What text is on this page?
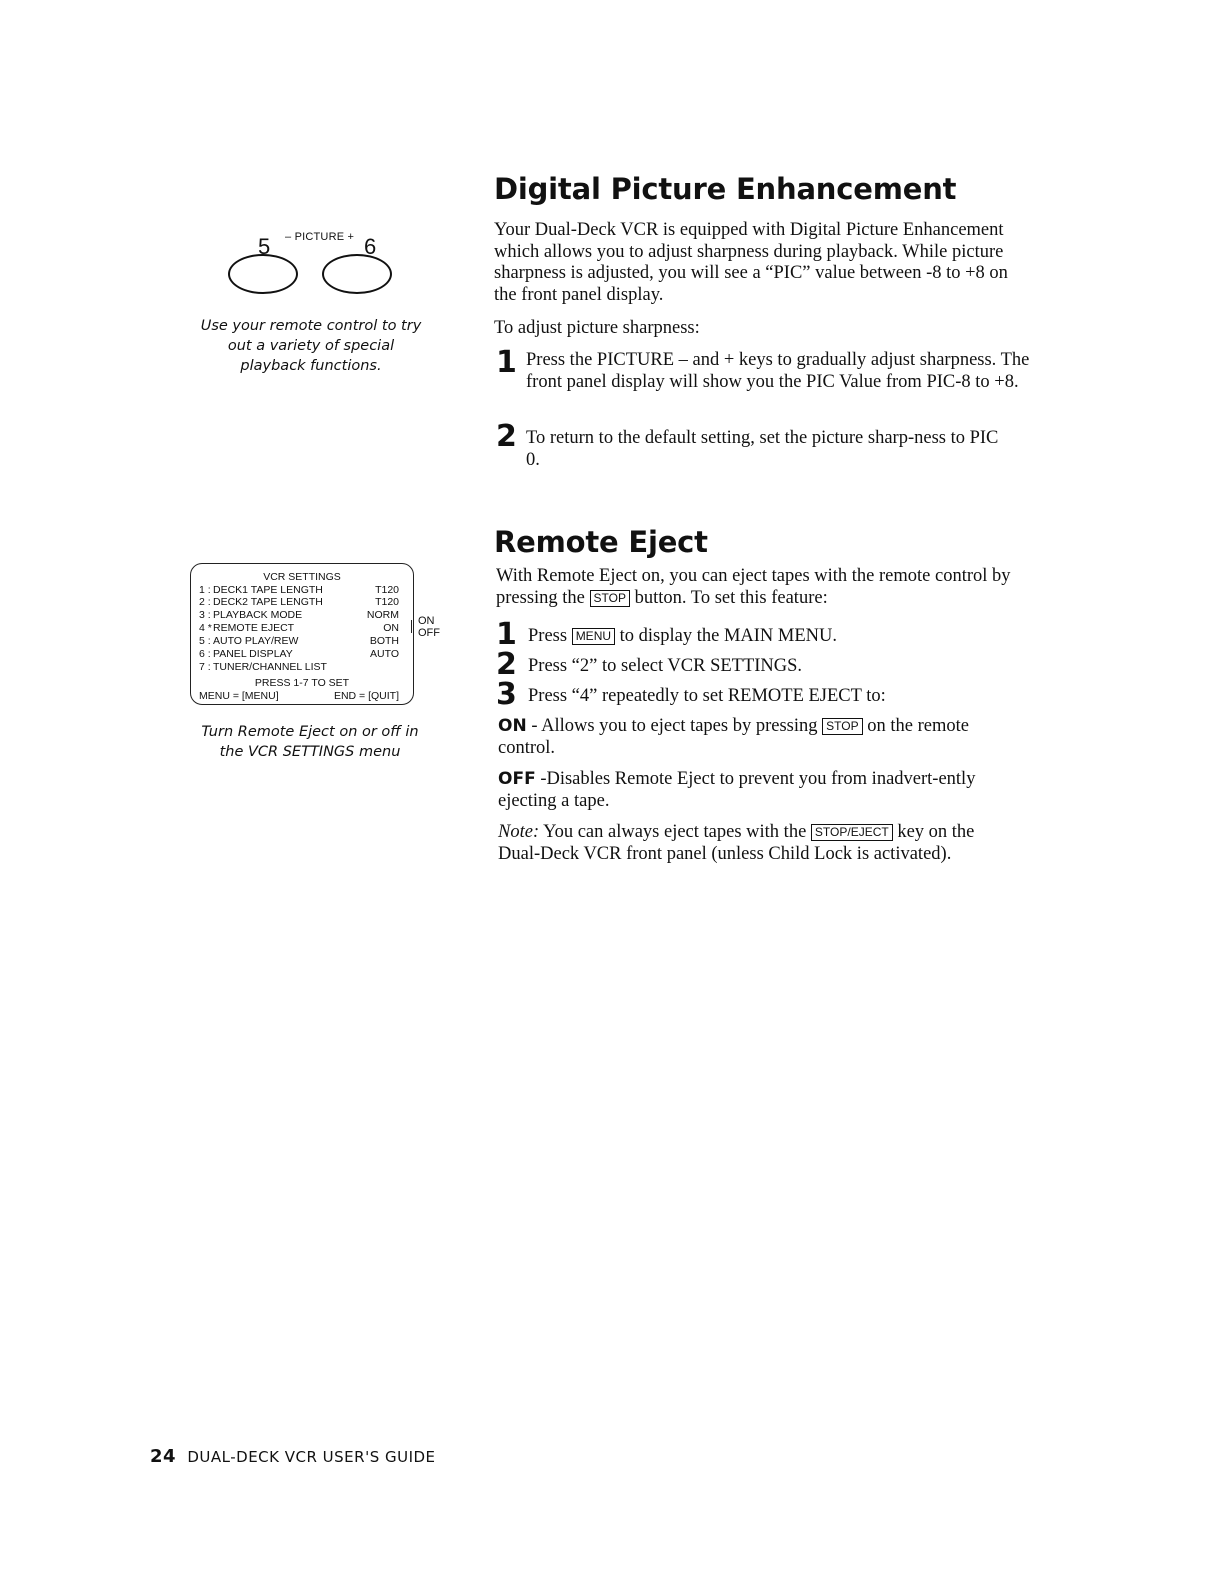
5 – PICTURE + 6
Use your remote control to try
out a variety of special
playback functions.
VCR SETTINGS
1 : DECK1 TAPE LENGTH	T120
2 : DECK2 TAPE LENGTH	T120
3 : PLAYBACK MODE	NORM
4 *REMOTE EJECT	ON
5 : AUTO PLAY/REW	BOTH
6 : PANEL DISPLAY	AUTO
7 : TUNER/CHANNEL LIST
PRESS 1-7 TO SET
MENU = [MENU]	END = [QUIT]
ON
OFF
Turn Remote Eject on or off in
the VCR SETTINGS menu
Digital Picture Enhancement

Your Dual-Deck VCR is equipped with Digital Picture Enhancement which allows you to adjust sharpness during playback. While picture sharpness is adjusted, you will see a “PIC” value between -8 to +8 on the front panel display.

To adjust picture sharpness:

1 Press the PICTURE – and + keys to gradually adjust sharpness. The front panel display will show you the PIC Value from PIC-8 to +8.
2 To return to the default setting, set the picture sharp-ness to PIC 0.
Remote Eject

With Remote Eject on, you can eject tapes with the remote control by pressing the STOP button. To set this feature:

1 Press MENU to display the MAIN MENU.
2 Press “2” to select VCR SETTINGS.
3 Press “4” repeatedly to set REMOTE EJECT to:
ON - Allows you to eject tapes by pressing STOP on the remote control.
OFF -Disables Remote Eject to prevent you from inadvert-ently ejecting a tape.
Note: You can always eject tapes with the STOP/EJECT key on the Dual-Deck VCR front panel (unless Child Lock is activated).
24 DUAL-DECK VCR USER'S GUIDE
